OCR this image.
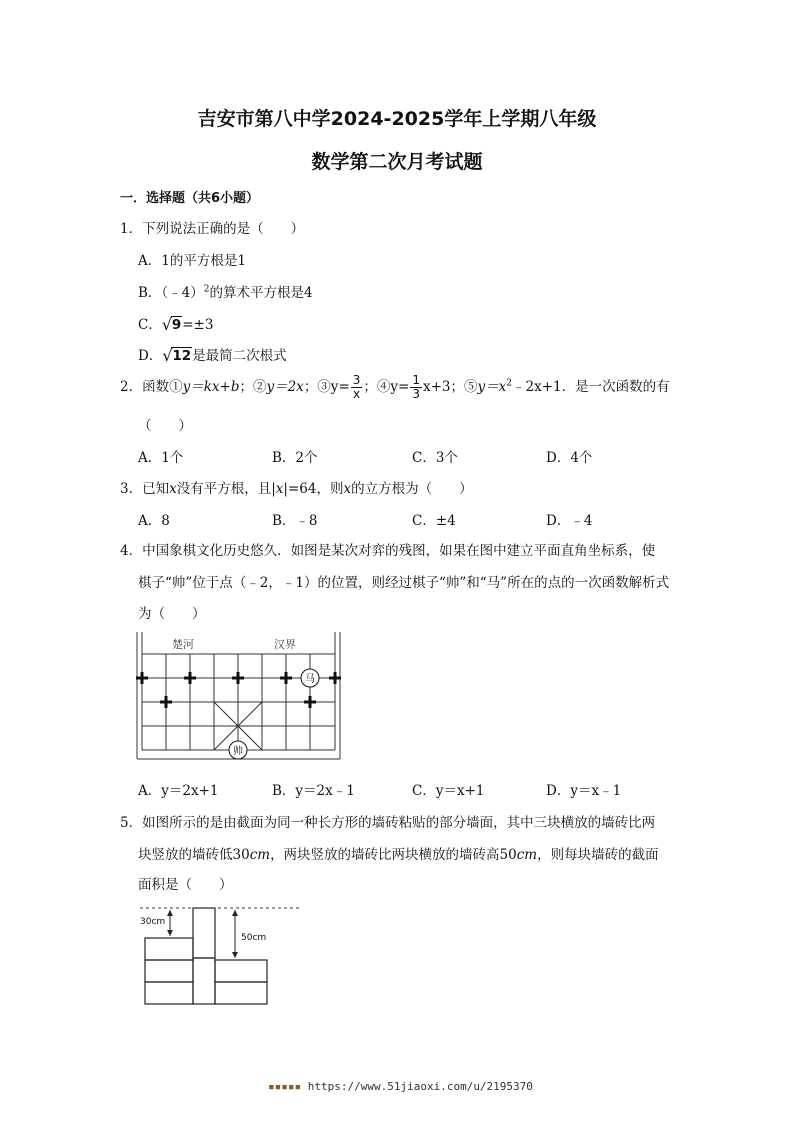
吉安市第八中学2024-2025学年上学期八年级
数学第二次月考试题
一．选择题（共6小题）
1．下列说法正确的是（　　）
A．1的平方根是1
B．（﹣4）$^2$的算术平方根是4
C． √ 9=±3
D． √ 12是最简二次根式
2．函数①y＝kx+b；②y＝2x；③y= $\frac{3}{x}$ ；④y= $\frac{1}{3} x+3$；$⑤y=x^2﹣2x+1$．是一次函数的有
（　　）
A．1个	B．2个	C．3个	D．4个
3．已知x没有平方根，且|x|=64，则x的立方根为（　　）
A．8	B．﹣8	C．±4	D．﹣4
4．中国象棋文化历史悠久．如图是某次对弈的残图，如果在图中建立平面直角坐标系，使
棋子“帅”位于点（﹣2，﹣1）的位置，则经过棋子“帅”和“马”所在的点的一次函数解析式
为（　　）
楚河	汉界
马
帅
A．y＝2x+1	B．y＝2x﹣1	C．y＝x+1	D．y＝x﹣1
5．如图所示的是由截面为同一种长方形的墙砖粘贴的部分墙面，其中三块横放的墙砖比两
块竖放的墙砖低30cm，两块竖放的墙砖比两块横放的墙砖高50cm，则每块墙砖的截面
面积是（　　）
30cm
50cm
▪▪▪▪▪ https://www.51jiaoxi.com/u/2195370
